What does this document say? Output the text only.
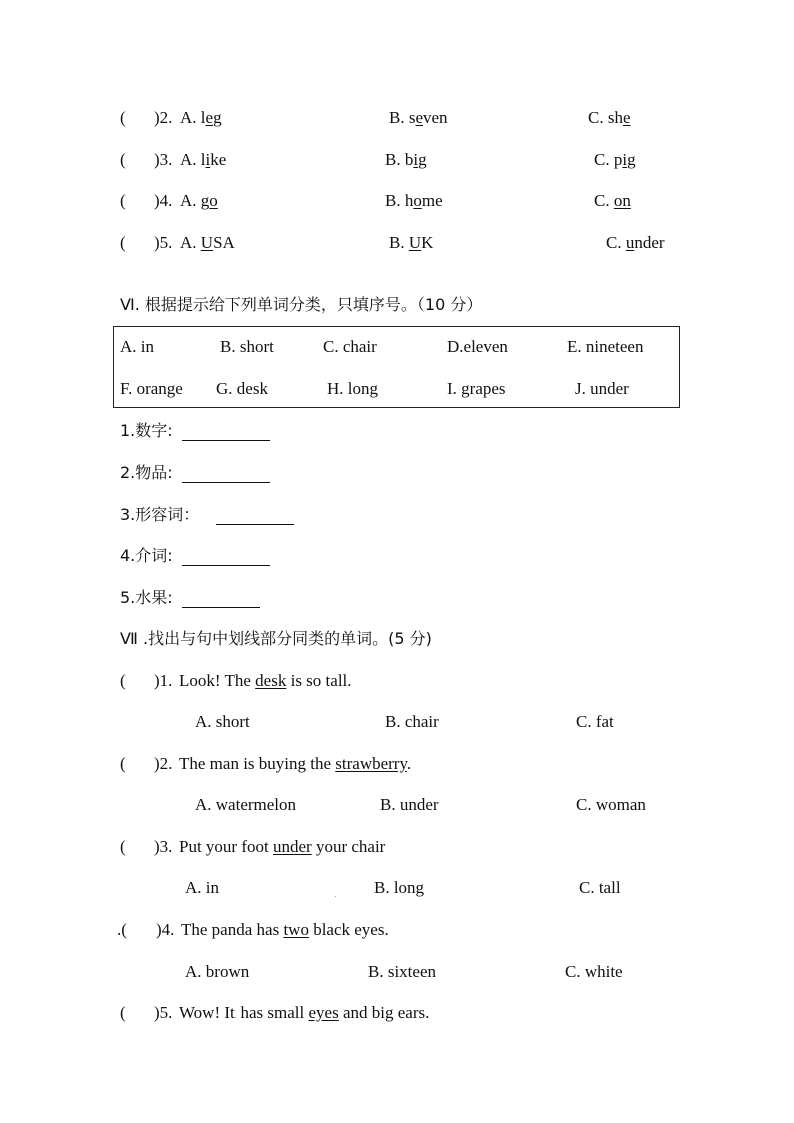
( )2. A. leg	B. seven	C. she
( )3. A. like	B. big	C. pig
( )4. A. go	B. home	C. on
( )5. A. USA	B. UK	C. under
Ⅵ. 根据提示给下列单词分类，只填序号。（10 分）
A. in	B. short	C. chair	D.eleven	E. nineteen
F. orange G. desk	H. long	I. grapes	J. under
1.数字:
2.物品:
3.形容词：
4.介词:
5.水果:
Ⅶ .找出与句中划线部分同类的单词。(5 分)
( )1. Look! The desk is so tall.
A. short	B. chair	C. fat
( )2. The man is buying the strawberry.
A. watermelon	B. under	C. woman
( )3. Put your foot under your chair
A. in	. B. long	C. tall
.( )4. The panda has two black eyes.
A. brown	B. sixteen	C. white
( )5. Wow! It. has small eyes and big ears.
